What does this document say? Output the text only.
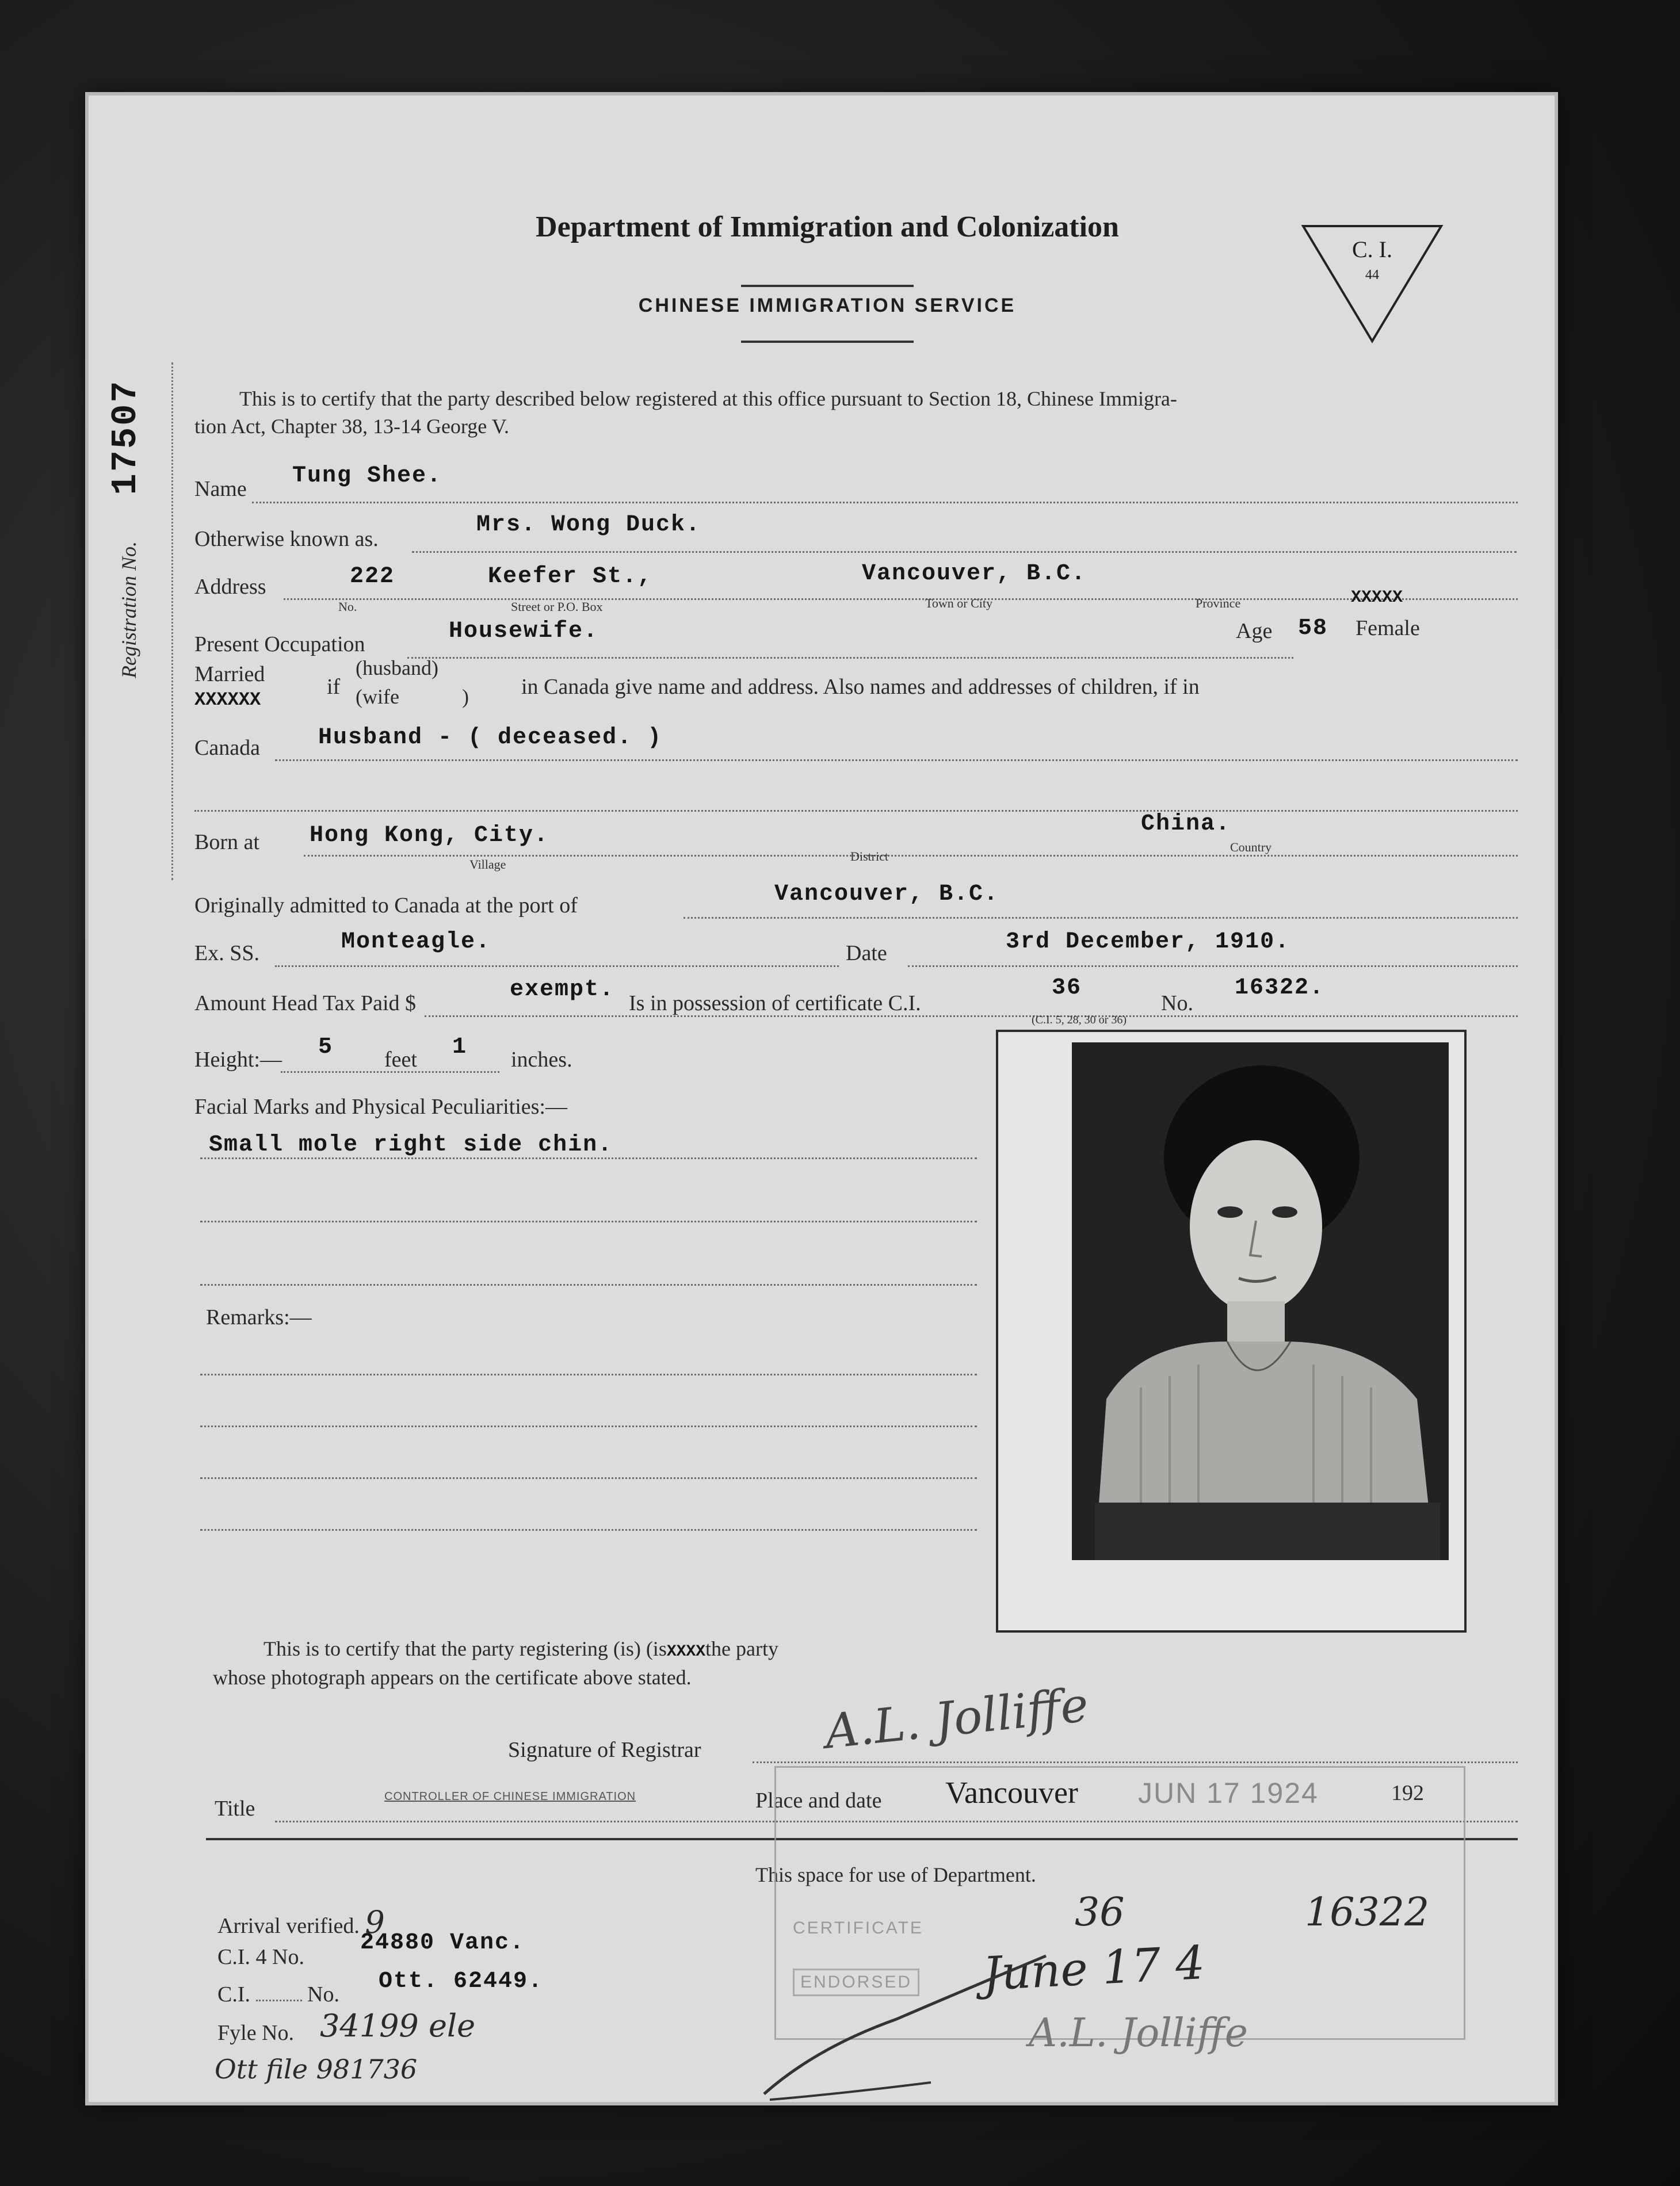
Department of Immigration and Colonization
CHINESE IMMIGRATION SERVICE
C. I.
44
17507
Registration No.
This is to certify that the party described below registered at this office pursuant to Section 18, Chinese Immigra-
tion Act, Chapter 38, 13-14 George V.
Name Tung Shee.
Otherwise known as.
Mrs. Wong Duck.
Address	222	Keefer St.,	Vancouver, B.C.
No.	Street or P.O. Box	Town or City	Province
Present Occupation	Housewife.	Age 58
XXXXX
Female
Married
XXXXXX
if
(husband)
(wife	) in Canada give name and address. Also names and addresses of children, if in
Canada	Husband - ( deceased. )
Born at Hong Kong, City.	China.
Village
District
Country
Originally admitted to Canada at the port of	Vancouver, B.C.
Ex. SS.	Monteagle.	Date	3rd December, 1910.
Amount Head Tax Paid $
exempt.
Is in possession of certificate C.I.
36
No.
16322.
(C.I. 5, 28, 30 or 36)
Height:— 5 feet 1 inches.
Facial Marks and Physical Peculiarities:—
Small mole right side chin.
Remarks:—
This is to certify that the party registering (is) (isXXXXthe party
whose photograph appears on the certificate above stated.
Signature of Registrar	A.L. Jolliffe
Title	CONTROLLER OF CHINESE IMMIGRATION	Place and date Vancouver JUN 17 1924	192
This space for use of Department.
CERTIFICATE
ENDORSED
36	16322
June 17 4
A.L. Jolliffe
Arrival verified. 9
C.I. 4 No.
24880 Vanc.
C.I.	No. Ott. 62449.
Fyle No. 34199 ele
Ott file 981736
